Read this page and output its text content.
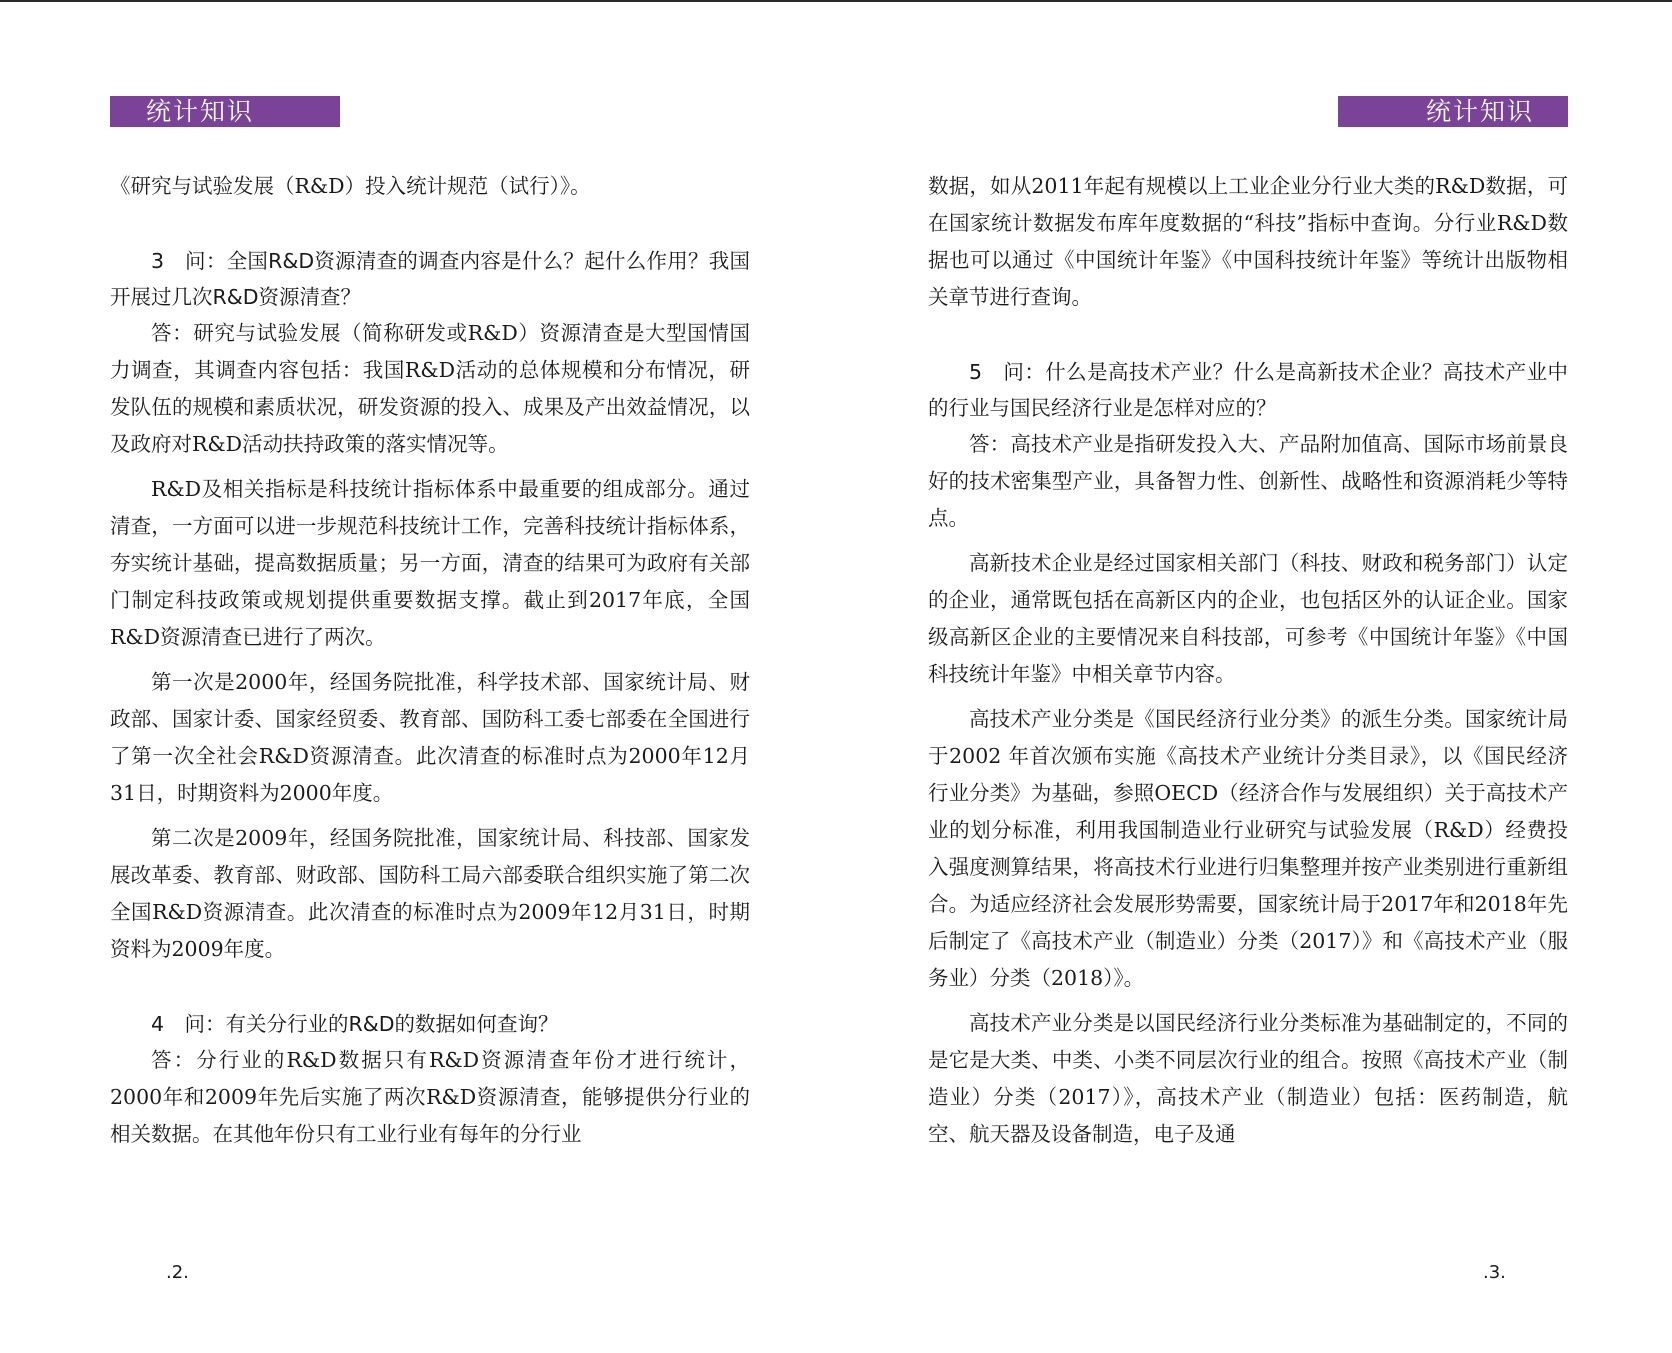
统计知识

《研究与试验发展（R&D）投入统计规范（试行）》。

3　问：全国R&D资源清查的调查内容是什么？起什么作用？我国开展过几次R&D资源清查？

答：研究与试验发展（简称研发或R&D）资源清查是大型国情国力调查，其调查内容包括：我国R&D活动的总体规模和分布情况，研发队伍的规模和素质状况，研发资源的投入、成果及产出效益情况，以及政府对R&D活动扶持政策的落实情况等。

R&D及相关指标是科技统计指标体系中最重要的组成部分。通过清查，一方面可以进一步规范科技统计工作，完善科技统计指标体系，夯实统计基础，提高数据质量；另一方面，清查的结果可为政府有关部门制定科技政策或规划提供重要数据支撑。截止到2017年底，全国R&D资源清查已进行了两次。

第一次是2000年，经国务院批准，科学技术部、国家统计局、财政部、国家计委、国家经贸委、教育部、国防科工委七部委在全国进行了第一次全社会R&D资源清查。此次清查的标准时点为2000年12月31日，时期资料为2000年度。

第二次是2009年，经国务院批准，国家统计局、科技部、国家发展改革委、教育部、财政部、国防科工局六部委联合组织实施了第二次全国R&D资源清查。此次清查的标准时点为2009年12月31日，时期资料为2009年度。

4　问：有关分行业的R&D的数据如何查询？

答：分行业的R&D数据只有R&D资源清查年份才进行统计，2000年和2009年先后实施了两次R&D资源清查，能够提供分行业的相关数据。在其他年份只有工业行业有每年的分行业

.2.
统计知识

数据，如从2011年起有规模以上工业企业分行业大类的R&D数据，可在国家统计数据发布库年度数据的“科技”指标中查询。分行业R&D数据也可以通过《中国统计年鉴》《中国科技统计年鉴》等统计出版物相关章节进行查询。

5　问：什么是高技术产业？什么是高新技术企业？高技术产业中的行业与国民经济行业是怎样对应的？

答：高技术产业是指研发投入大、产品附加值高、国际市场前景良好的技术密集型产业，具备智力性、创新性、战略性和资源消耗少等特点。

高新技术企业是经过国家相关部门（科技、财政和税务部门）认定的企业，通常既包括在高新区内的企业，也包括区外的认证企业。国家级高新区企业的主要情况来自科技部，可参考《中国统计年鉴》《中国科技统计年鉴》中相关章节内容。

高技术产业分类是《国民经济行业分类》的派生分类。国家统计局于2002 年首次颁布实施《高技术产业统计分类目录》，以《国民经济行业分类》为基础，参照OECD（经济合作与发展组织）关于高技术产业的划分标准，利用我国制造业行业研究与试验发展（R&D）经费投入强度测算结果，将高技术行业进行归集整理并按产业类别进行重新组合。为适应经济社会发展形势需要，国家统计局于2017年和2018年先后制定了《高技术产业（制造业）分类（2017）》和《高技术产业（服务业）分类（2018）》。

高技术产业分类是以国民经济行业分类标准为基础制定的，不同的是它是大类、中类、小类不同层次行业的组合。按照《高技术产业（制造业）分类（2017）》，高技术产业（制造业）包括：医药制造，航空、航天器及设备制造，电子及通

.3.
